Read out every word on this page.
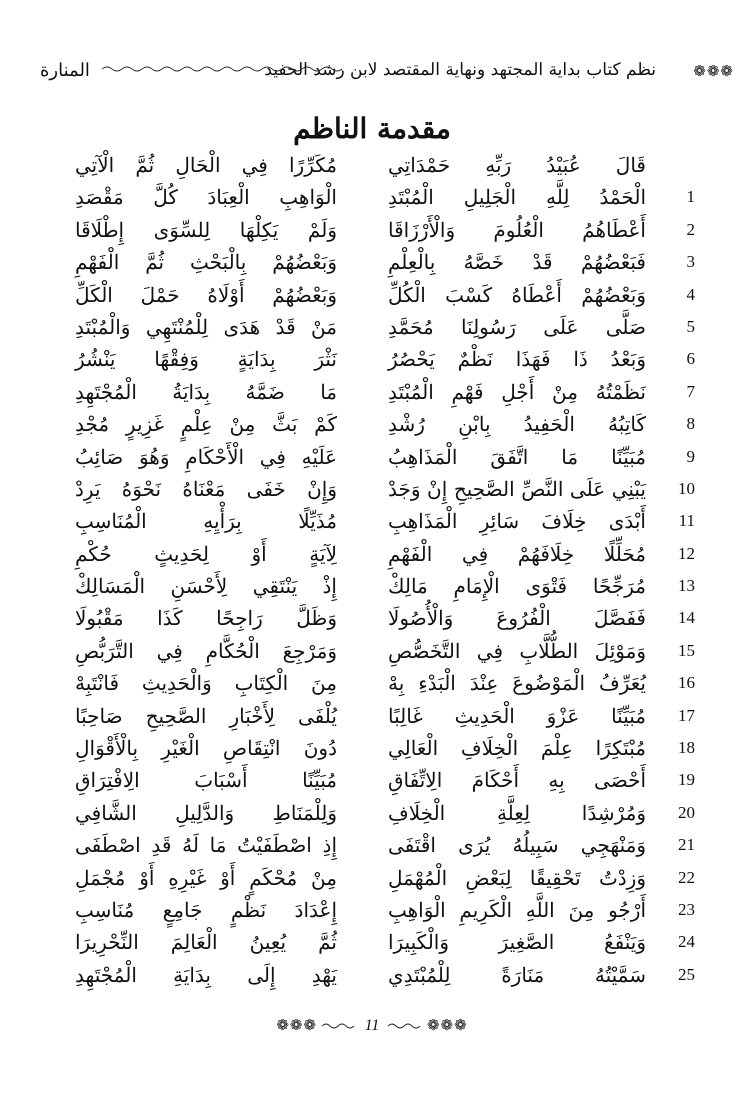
❁❁❁
نظم كتاب بداية المجتهد ونهاية المقتصد لابن رشد الحفيد
المنارة
مقدمة الناظم
قَالَ عُبَيْدُ رَبِّهِ حَمْدَاتِي
مُكَرِّرًا فِي الْحَالِ ثُمَّ الْآتِي
1
الْحَمْدُ لِلَّهِ الْجَلِيلِ الْمُبْتَدِ
الْوَاهِبِ الْعِبَادَ كُلَّ مَقْصَدِ
2
أَعْطَاهُمُ الْعُلُومَ وَالْأَرْزَاقَا
وَلَمْ يَكِلْهَا لِلسِّوَى إِطْلَاقَا
3
فَبَعْضُهُمْ قَدْ خَصَّهُ بِالْعِلْمِ
وَبَعْضُهُمْ بِالْبَحْثِ ثُمَّ الْفَهْمِ
4
وَبَعْضُهُمْ أَعْطَاهُ كَسْبَ الْكُلِّ
وَبَعْضُهُمْ أَوْلَاهُ حَمْلَ الْكَلِّ
5
صَلَّى عَلَى رَسُولِنَا مُحَمَّدِ
مَنْ قَدْ هَدَى لِلْمُنْتَهِي وَالْمُبْتَدِ
6
وَبَعْدُ ذَا فَهَذَا نَظْمٌ يَحْصُرُ
نَثْرَ بِدَايَةٍ وَفِقْهًا يَنْشُرُ
7
نَظَمْتُهُ مِنْ أَجْلِ فَهْمِ الْمُبْتَدِ
مَا ضَمَّهُ بِدَايَةُ الْمُجْتَهِدِ
8
كَاتِبُهُ الْحَفِيدُ بِابْنِ رُشْدِ
كَمْ بَثَّ مِنْ عِلْمٍ غَزِيرٍ مُجْدِ
9
مُبَيِّنًا مَا اتَّفَقَ الْمَذَاهِبُ
عَلَيْهِ فِي الْأَحْكَامِ وَهُوَ صَائِبُ
10
يَبْنِي عَلَى النَّصِّ الصَّحِيحِ إِنْ وَجَدْ
وَإِنْ خَفَى مَعْنَاهُ نَحْوَهُ يَرِدْ
11
أَبْدَى خِلَافَ سَائِرِ الْمَذَاهِبِ
مُذَيِّلًا بِرَأْيِهِ الْمُنَاسِبِ
12
مُحَلِّلًا خِلَافَهُمْ فِي الْفَهْمِ
لِآيَةٍ أَوْ لِحَدِيثٍ حُكْمِ
13
مُرَجِّحًا فَتْوَى الْإِمَامِ مَالِكْ
إِذْ يَنْتَقِي لِأَحْسَنِ الْمَسَالِكْ
14
فَفَصَّلَ الْفُرُوعَ وَالْأُصُولَا
وَظَلَّ رَاجِحًا كَذَا مَقْبُولَا
15
وَمَوْئِلَ الطُّلَّابِ فِي التَّخَصُّصِ
وَمَرْجِعَ الْحُكَّامِ فِي التَّرَبُّصِ
16
يُعَرِّفُ الْمَوْضُوعَ عِنْدَ الْبَدْءِ بِهْ
مِنَ الْكِتَابِ وَالْحَدِيثِ فَانْتَبِهْ
17
مُبَيِّنًا عَزْوَ الْحَدِيثِ غَالِبًا
يُلْفَى لِأَخْبَارِ الصَّحِيحِ صَاحِبًا
18
مُبْتَكِرًا عِلْمَ الْخِلَافِ الْعَالِي
دُونَ انْتِقَاصِ الْغَيْرِ بِالْأَقْوَالِ
19
أَحْصَى بِهِ أَحْكَامَ الِاتِّفَاقِ
مُبَيِّنًا أَسْبَابَ الِافْتِرَاقِ
20
وَمُرْشِدًا لِعِلَّةِ الْخِلَافِ
وَلِلْمَنَاطِ وَالدَّلِيلِ الشَّافِي
21
وَمَنْهَجِي سَبِيلُهُ يُرَى اقْتَفَى
إِذِ اصْطَفَيْتُ مَا لَهُ قَدِ اصْطَفَى
22
وَزِدْتُ تَحْقِيقًا لِبَعْضِ الْمُهْمَلِ
مِنْ مُحْكَمٍ أَوْ غَيْرِهِ أَوْ مُجْمَلِ
23
أَرْجُو مِنَ اللَّهِ الْكَرِيمِ الْوَاهِبِ
إِعْدَادَ نَظْمٍ جَامِعٍ مُنَاسِبِ
24
وَيَنْفَعُ الصَّغِيرَ وَالْكَبِيرَا
ثُمَّ يُعِينُ الْعَالِمَ النِّحْرِيرَا
25
سَمَّيْتُهُ مَنَارَةً لِلْمُبْتَدِي
يَهْدِ إِلَى بِدَايَةِ الْمُجْتَهِدِ
❁❁❁	11	❁❁❁
